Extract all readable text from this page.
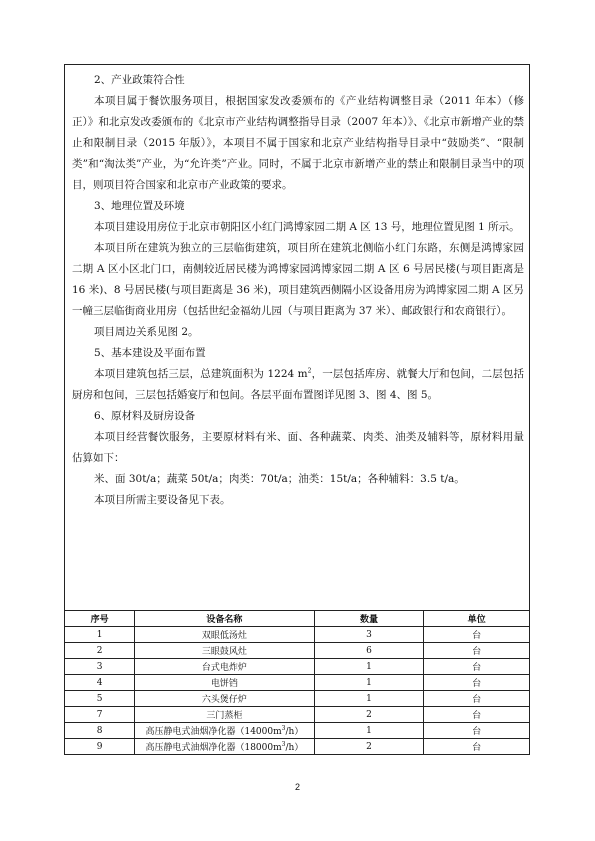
2、产业政策符合性

本项目属于餐饮服务项目，根据国家发改委颁布的《产业结构调整目录（2011 年本）（修正）》和北京发改委颁布的《北京市产业结构调整指导目录（2007 年本）》、《北京市新增产业的禁止和限制目录（2015 年版）》，本项目不属于国家和北京产业结构指导目录中“鼓励类”、“限制类”和“淘汰类”产业，为“允许类”产业。同时，不属于北京市新增产业的禁止和限制目录当中的项目，则项目符合国家和北京市产业政策的要求。

3、地理位置及环境

本项目建设用房位于北京市朝阳区小红门鸿博家园二期 A 区 13 号，地理位置见图 1 所示。

本项目所在建筑为独立的三层临街建筑，项目所在建筑北侧临小红门东路，东侧是鸿博家园二期 A 区小区北门口，南侧较近居民楼为鸿博家园鸿博家园二期 A 区 6 号居民楼(与项目距离是 16 米)、8 号居民楼(与项目距离是 36 米)，项目建筑西侧隔小区设备用房为鸿博家园二期 A 区另一幢三层临街商业用房（包括世纪金福幼儿园（与项目距离为 37 米）、邮政银行和农商银行）。

项目周边关系见图 2。

5、基本建设及平面布置

本项目建筑包括三层，总建筑面积为 1224 $m^2$，一层包括库房、就餐大厅和包间，二层包括厨房和包间，三层包括婚宴厅和包间。各层平面布置图详见图 3、图 4、图 5。

6、原材料及厨房设备

本项目经营餐饮服务，主要原材料有米、面、各种蔬菜、肉类、油类及辅料等，原材料用量估算如下：

米、面 30t/a；蔬菜 50t/a；肉类：70t/a；油类：15t/a；各种辅料：3.5 t/a。

本项目所需主要设备见下表。

序号	设备名称	数量	单位
1	双眼低汤灶	3	台
2	三眼鼓风灶	6	台
3	台式电炸炉	1	台
4	电饼铛	1	台
5	六头煲仔炉	1	台
7	三门蒸柜	2	台
8	高压静电式油烟净化器$(14000m^3/h)$	1	台
9	高压静电式油烟净化器$(18000m^3/h)$	2	台
2
